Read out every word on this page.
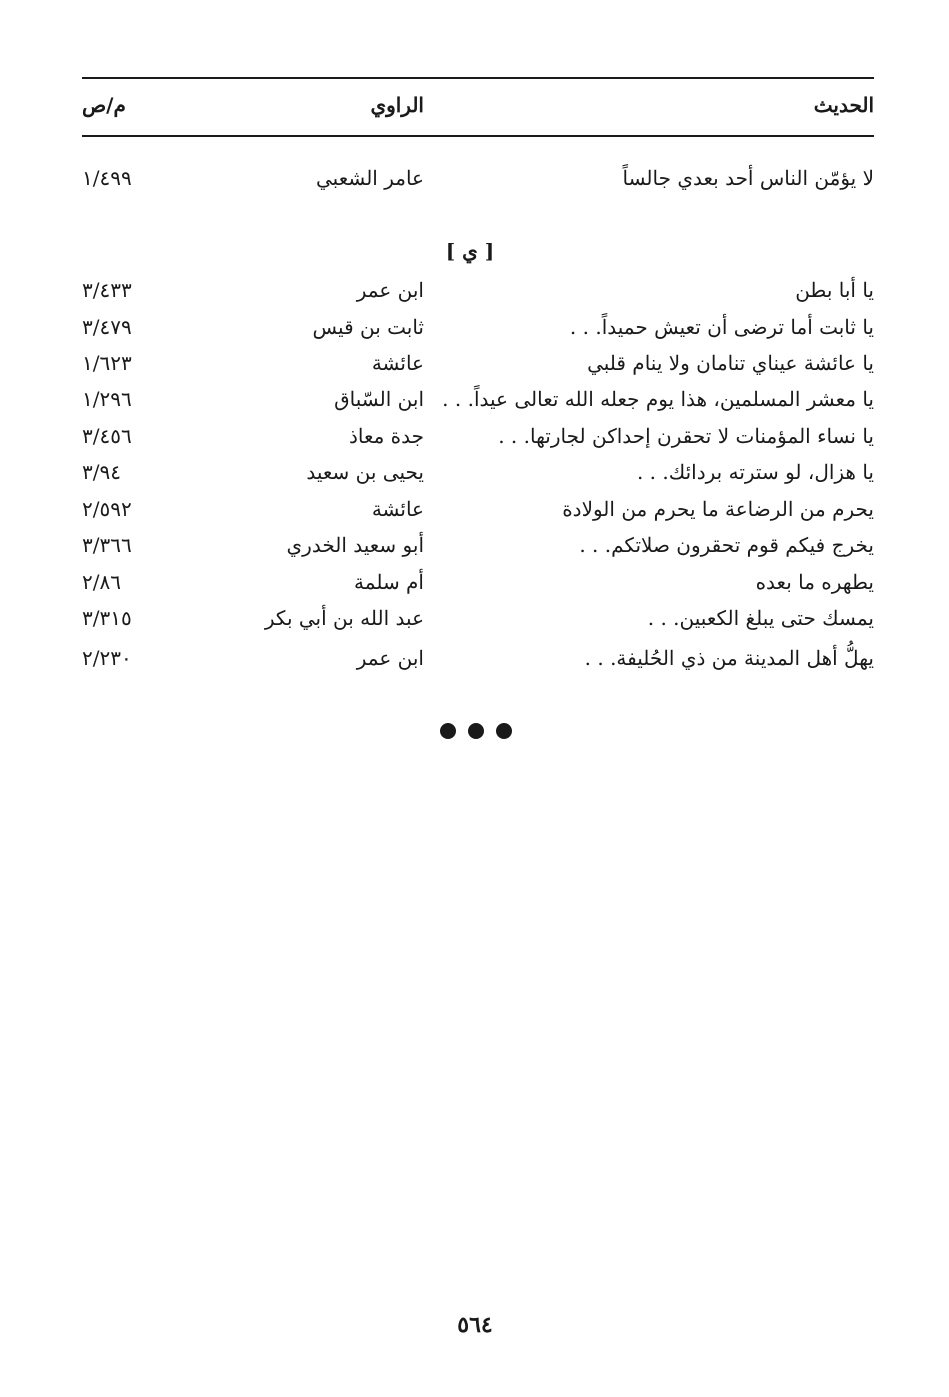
الحديث
الراوي
م/ص
لا يؤمّن الناس أحد بعدي جالساً
عامر الشعبي
١/٤٩٩
[ ي ]
يا أبا بطن
ابن عمر
٣/٤٣٣
يا ثابت أما ترضى أن تعيش حميداً. . .
ثابت بن قيس
٣/٤٧٩
يا عائشة عيناي تنامان ولا ينام قلبي
عائشة
١/٦٢٣
يا معشر المسلمين، هذا يوم جعله الله تعالى عيداً. . .
ابن السّباق
١/٢٩٦
يا نساء المؤمنات لا تحقرن إحداكن لجارتها. . .
جدة معاذ
٣/٤٥٦
يا هزال، لو سترته بردائك. . .
يحيى بن سعيد
٣/٩٤
يحرم من الرضاعة ما يحرم من الولادة
عائشة
٢/٥٩٢
يخرج فيكم قوم تحقرون صلاتكم. . .
أبو سعيد الخدري
٣/٣٦٦
يطهره ما بعده
أم سلمة
٢/٨٦
يمسك حتى يبلغ الكعبين. . .
عبد الله بن أبي بكر
٣/٣١٥
يهلُّ أهل المدينة من ذي الحُليفة. . .
ابن عمر
٢/٢٣٠
٥٦٤
